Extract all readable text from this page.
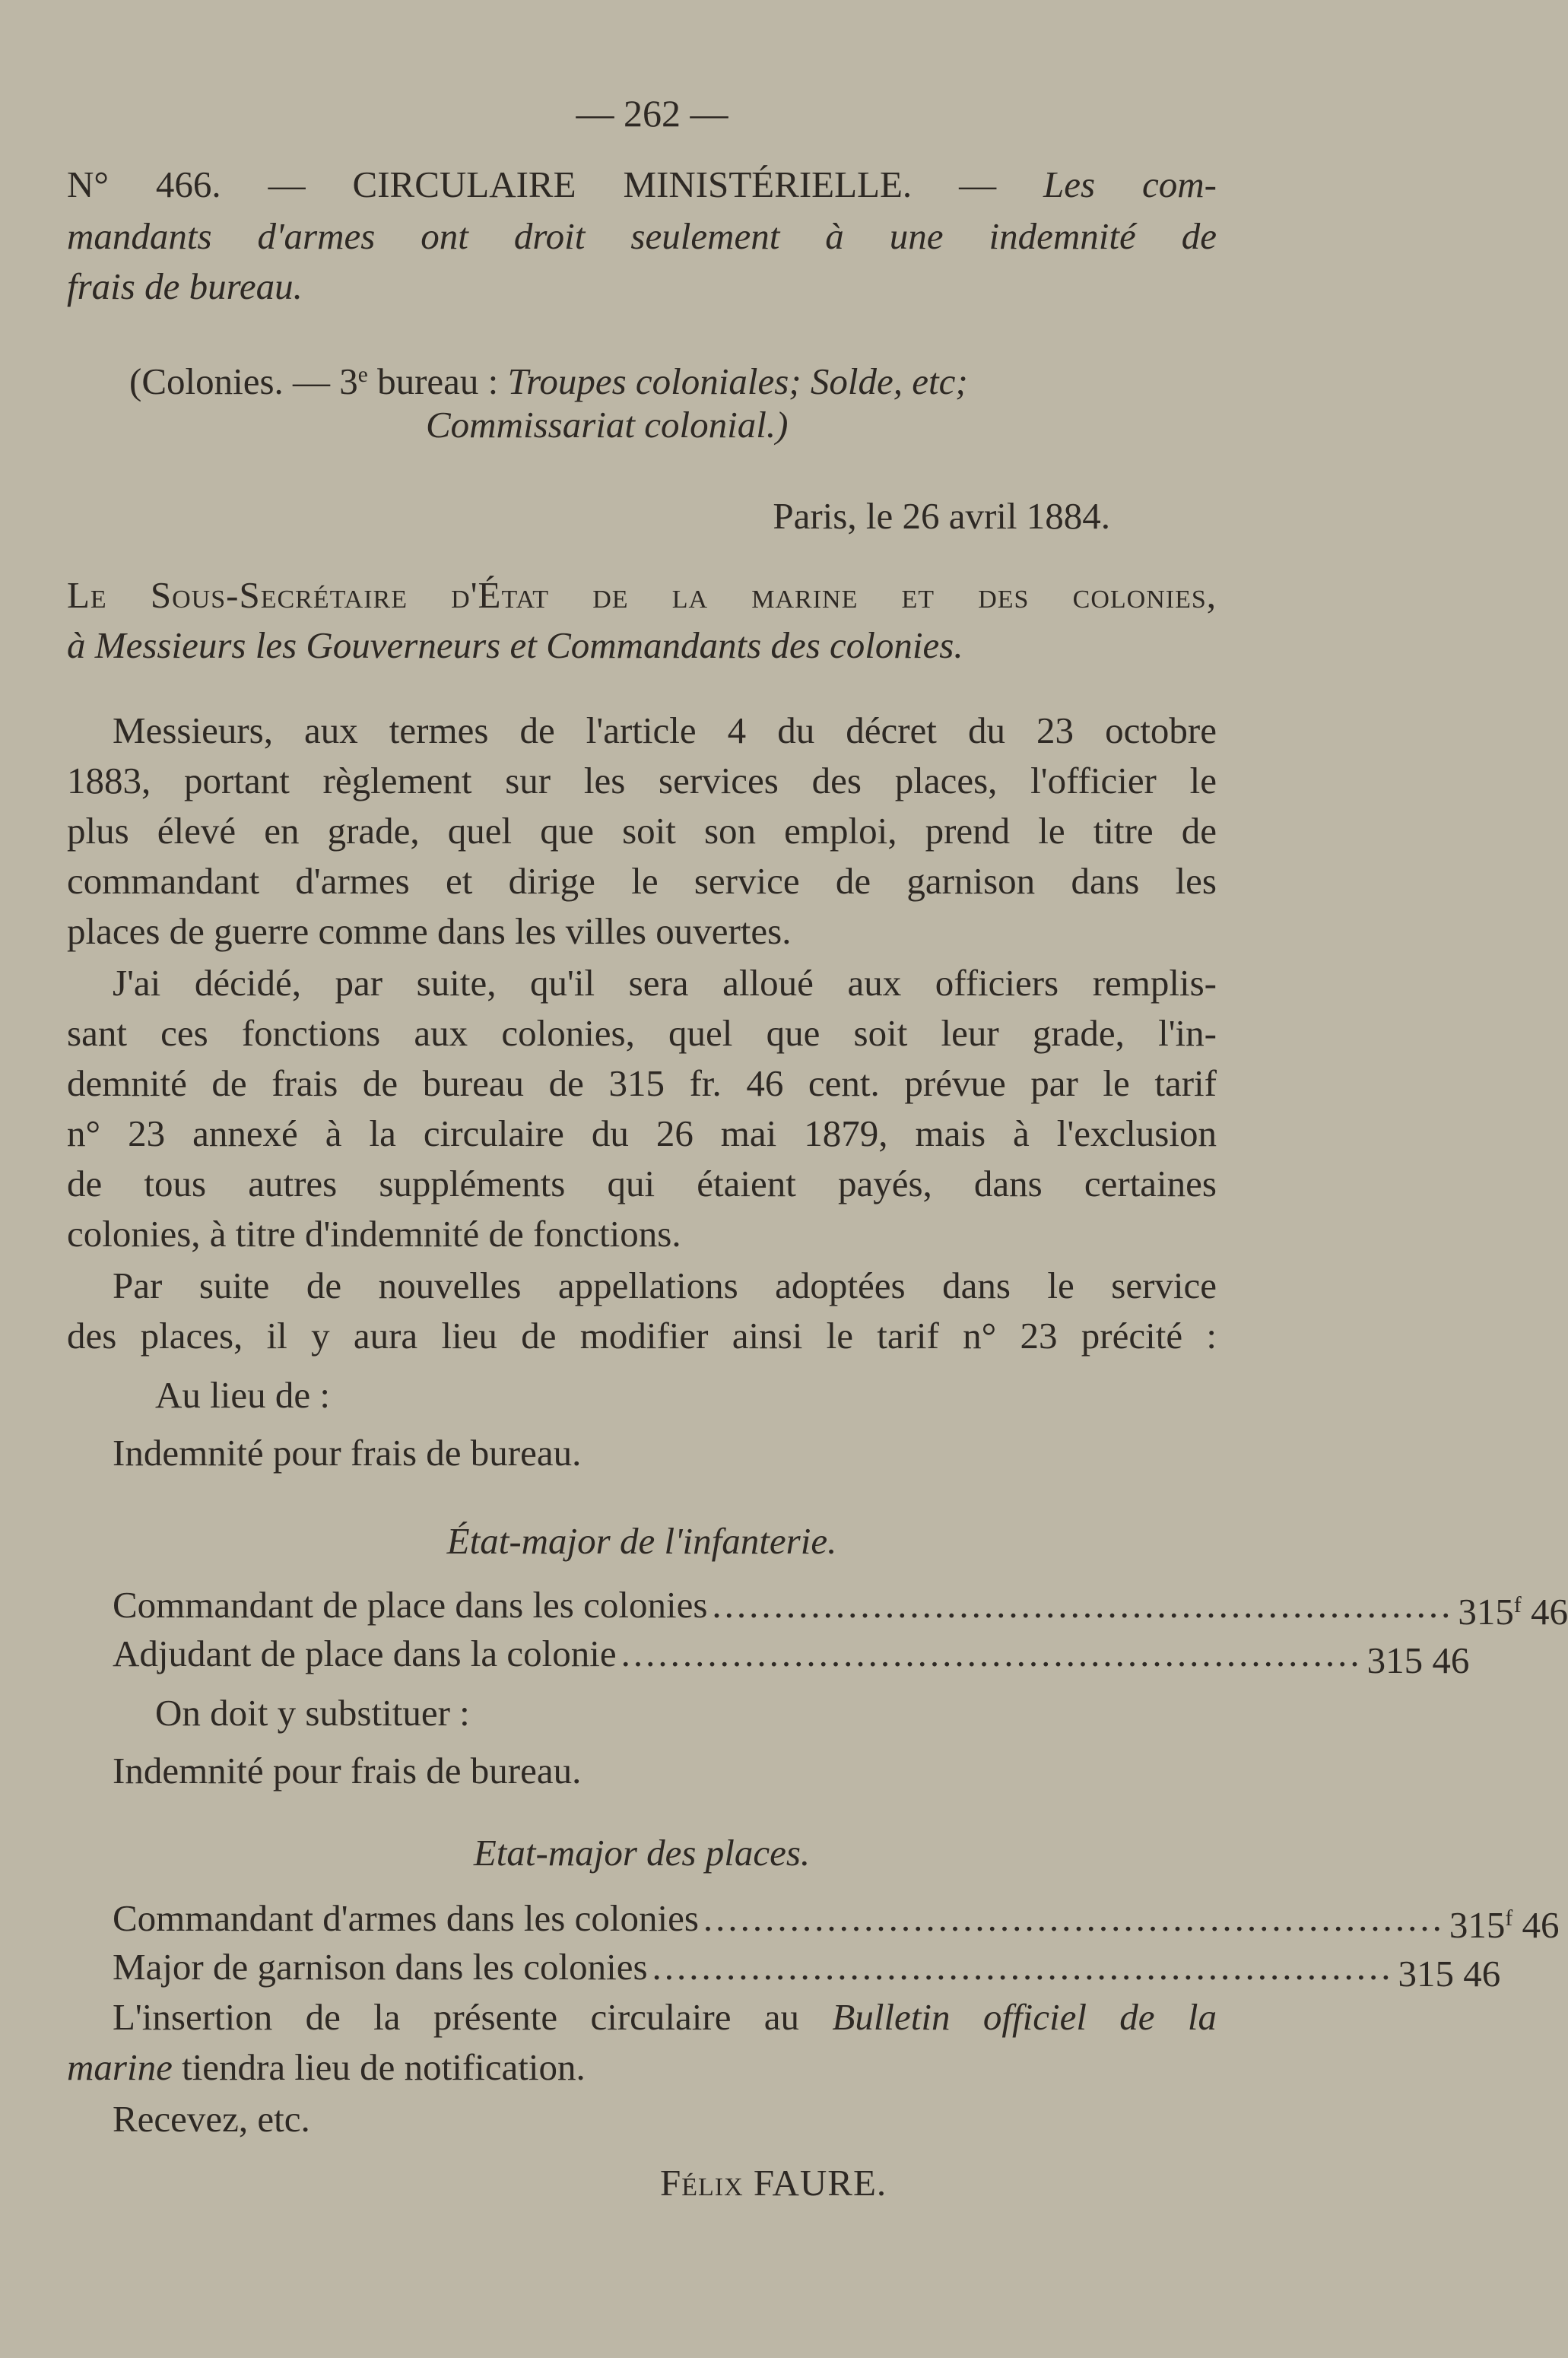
— 262 —
N° 466. — CIRCULAIRE MINISTÉRIELLE. — Les com-
mandants d'armes ont droit seulement à une indemnité de
frais de bureau.
(Colonies. — 3e bureau : Troupes coloniales; Solde, etc;
Commissariat colonial.)
Paris, le 26 avril 1884.
Le Sous-Secrétaire d'État de la marine et des colonies,
à Messieurs les Gouverneurs et Commandants des colonies.
Messieurs, aux termes de l'article 4 du décret du 23 octobre
1883, portant règlement sur les services des places, l'officier le
plus élevé en grade, quel que soit son emploi, prend le titre de
commandant d'armes et dirige le service de garnison dans les
places de guerre comme dans les villes ouvertes.
J'ai décidé, par suite, qu'il sera alloué aux officiers remplis-
sant ces fonctions aux colonies, quel que soit leur grade, l'in-
demnité de frais de bureau de 315 fr. 46 cent. prévue par le tarif
n° 23 annexé à la circulaire du 26 mai 1879, mais à l'exclusion
de tous autres suppléments qui étaient payés, dans certaines
colonies, à titre d'indemnité de fonctions.
Par suite de nouvelles appellations adoptées dans le service
des places, il y aura lieu de modifier ainsi le tarif n° 23 précité :
Au lieu de :
Indemnité pour frais de bureau.
État-major de l'infanterie.
Commandant de place dans les colonies ............................................................ 315$^f$ 46
Adjudant de place dans la colonie ............................................................ 315 46
On doit y substituer :
Indemnité pour frais de bureau.
Etat-major des places.
Commandant d'armes dans les colonies ............................................................ 315$^f$ 46
Major de garnison dans les colonies ............................................................ 315 46
L'insertion de la présente circulaire au Bulletin officiel de la
marine tiendra lieu de notification.
Recevez, etc.
Félix FAURE.
